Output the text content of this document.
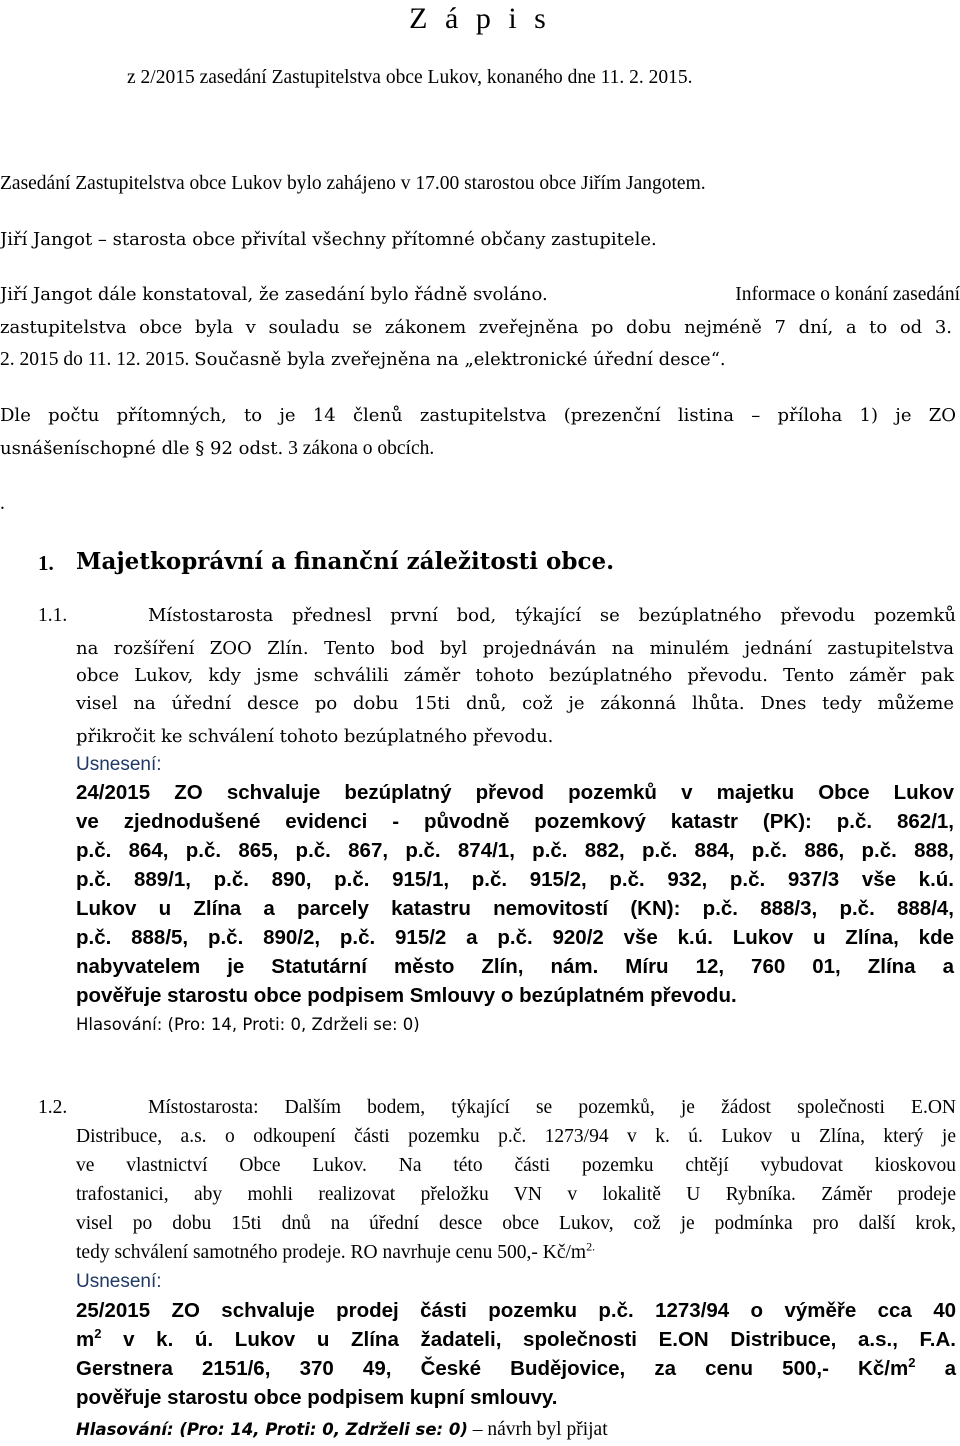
Z á p i s
z 2/2015 zasedání Zastupitelstva obce Lukov, konaného dne 11. 2. 2015.
Zasedání Zastupitelstva obce Lukov bylo zahájeno v 17.00 starostou obce Jiřím Jangotem.
Jiří Jangot – starosta obce přivítal všechny přítomné občany zastupitele.
Jiří Jangot dále konstatoval, že zasedání bylo řádně svoláno.	Informace o konání zasedání
zastupitelstva obce byla v souladu se zákonem zveřejněna po dobu nejméně 7 dní, a to od 3.
2. 2015 do 11. 12. 2015. Současně byla zveřejněna na „elektronické úřední desce“.
Dle počtu přítomných, to je 14 členů zastupitelstva (prezenční listina – příloha 1) je ZO
usnášeníschopné dle § 92 odst. 3 zákona o obcích.
.
1. Majetkoprávní a finanční záležitosti obce.
1.1.	Místostarosta přednesl první bod, týkající se bezúplatného převodu pozemků
na rozšíření ZOO Zlín. Tento bod byl projednáván na minulém jednání zastupitelstva
obce Lukov, kdy jsme schválili záměr tohoto bezúplatného převodu. Tento záměr pak
visel na úřední desce po dobu 15ti dnů, což je zákonná lhůta. Dnes tedy můžeme
přikročit ke schválení tohoto bezúplatného převodu.
Usnesení:
24/2015 ZO schvaluje bezúplatný převod pozemků v majetku Obce Lukov
ve zjednodušené evidenci - původně pozemkový katastr (PK): p.č. 862/1,
p.č. 864, p.č. 865, p.č. 867, p.č. 874/1, p.č. 882, p.č. 884, p.č. 886, p.č. 888,
p.č. 889/1, p.č. 890, p.č. 915/1, p.č. 915/2, p.č. 932, p.č. 937/3 vše k.ú.
Lukov u Zlína a parcely katastru nemovitostí (KN): p.č. 888/3, p.č. 888/4,
p.č. 888/5, p.č. 890/2, p.č. 915/2 a p.č. 920/2 vše k.ú. Lukov u Zlína, kde
nabyvatelem je Statutární město Zlín, nám. Míru 12, 760 01, Zlína a
pověřuje starostu obce podpisem Smlouvy o bezúplatném převodu.
Hlasování: (Pro: 14, Proti: 0, Zdrželi se: 0)
1.2.	Místostarosta: Dalším bodem, týkající se pozemků, je žádost společnosti E.ON
Distribuce, a.s. o odkoupení části pozemku p.č. 1273/94 v k. ú. Lukov u Zlína, který je
ve vlastnictví Obce Lukov. Na této části pozemku chtějí vybudovat kioskovou
trafostanici, aby mohli realizovat přeložku VN v lokalitě U Rybníka. Záměr prodeje
visel po dobu 15ti dnů na úřední desce obce Lukov, což je podmínka pro další krok,
tedy schválení samotného prodeje. RO navrhuje cenu 500,- $Kč/m^{2.}$
Usnesení:
25/2015 ZO schvaluje prodej části pozemku p.č. 1273/94 o výměře cca 40
$m^2$ v k. ú. Lukov u Zlína žadateli, společnosti E.ON Distribuce, a.s., F.A.
Gerstnera 2151/6, 370 49, České Budějovice, za cenu 500,- $Kč/m^2$ a
pověřuje starostu obce podpisem kupní smlouvy.
Hlasování: (Pro: 14, Proti: 0, Zdrželi se: 0) – návrh byl přijat
